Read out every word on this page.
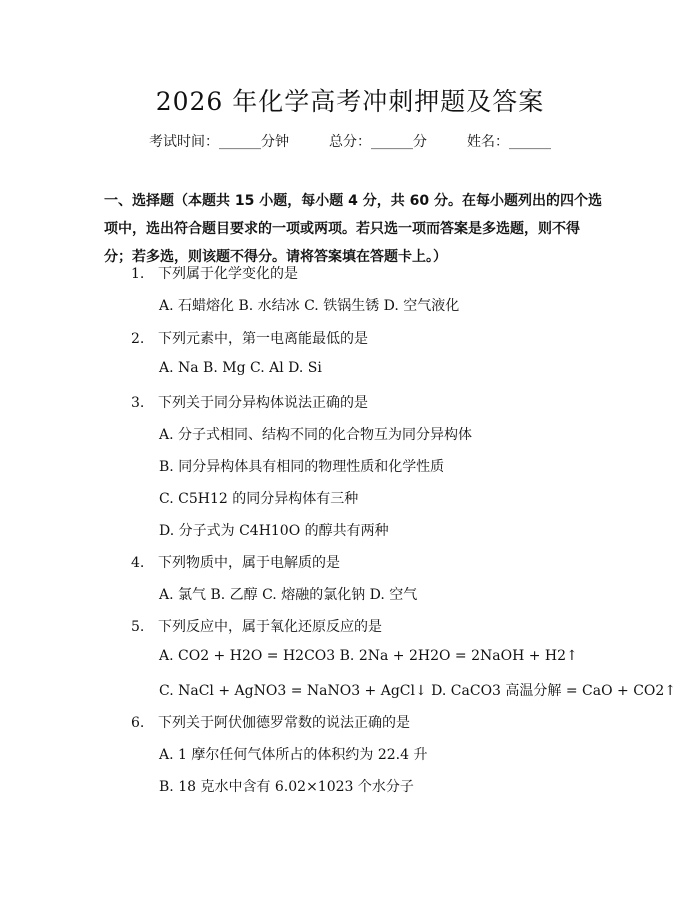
2026 年化学高考冲刺押题及答案
考试时间：______分钟	总分：______分	姓名：______
一、选择题（本题共 15 小题，每小题 4 分，共 60 分。在每小题列出的四个选项中，选出符合题目要求的一项或两项。若只选一项而答案是多选题，则不得分；若多选，则该题不得分。请将答案填在答题卡上。）
1. 下列属于化学变化的是
A. 石蜡熔化 B. 水结冰 C. 铁锅生锈 D. 空气液化
2. 下列元素中，第一电离能最低的是
A. Na B. Mg C. Al D. Si
3. 下列关于同分异构体说法正确的是
A. 分子式相同、结构不同的化合物互为同分异构体
B. 同分异构体具有相同的物理性质和化学性质
C. C5H12 的同分异构体有三种
D. 分子式为 C4H10O 的醇共有两种
4. 下列物质中，属于电解质的是
A. 氯气 B. 乙醇 C. 熔融的氯化钠 D. 空气
5. 下列反应中，属于氧化还原反应的是
A. CO2 + H2O = H2CO3 B. 2Na + 2H2O = 2NaOH + H2↑
C. NaCl + AgNO3 = NaNO3 + AgCl↓ D. CaCO3 高温分解 = CaO + CO2↑
6. 下列关于阿伏伽德罗常数的说法正确的是
A. 1 摩尔任何气体所占的体积约为 22.4 升
B. 18 克水中含有 6.02×1023 个水分子
